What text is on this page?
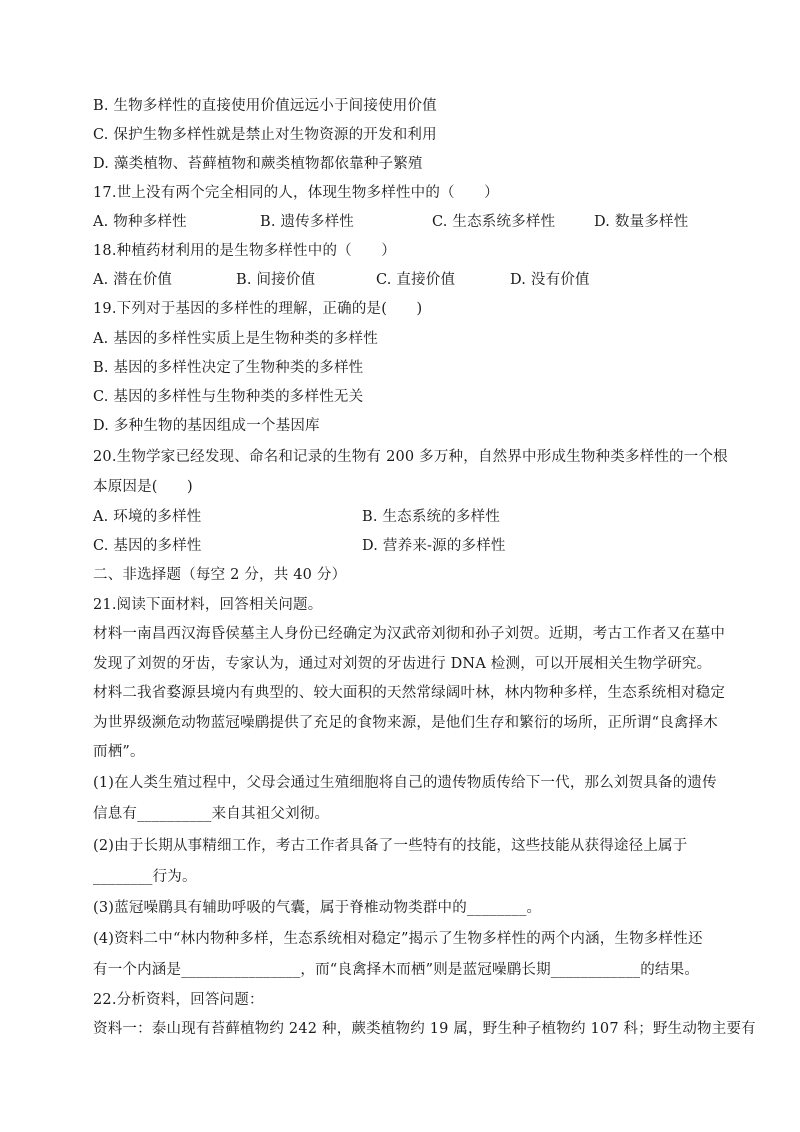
B. 生物多样性的直接使用价值远远小于间接使用价值
C. 保护生物多样性就是禁止对生物资源的开发和利用
D. 藻类植物、苔藓植物和蕨类植物都依靠种子繁殖
17.世上没有两个完全相同的人，体现生物多样性中的（　　）
A. 物种多样性	B. 遗传多样性	C. 生态系统多样性	D. 数量多样性
18.种植药材利用的是生物多样性中的（　　）
A. 潜在价值	B. 间接价值	C. 直接价值	D. 没有价值
19.下列对于基因的多样性的理解，正确的是(　　)
A. 基因的多样性实质上是生物种类的多样性
B. 基因的多样性决定了生物种类的多样性
C. 基因的多样性与生物种类的多样性无关
D. 多种生物的基因组成一个基因库
20.生物学家已经发现、命名和记录的生物有 200 多万种，自然界中形成生物种类多样性的一个根
本原因是(　　)
A. 环境的多样性	B. 生态系统的多样性
C. 基因的多样性	D. 营养来-源的多样性
二、非选择题（每空 2 分，共 40 分）
21.阅读下面材料，回答相关问题。
材料一南昌西汉海昏侯墓主人身份已经确定为汉武帝刘彻和孙子刘贺。近期，考古工作者又在墓中
发现了刘贺的牙齿，专家认为，通过对刘贺的牙齿进行 DNA 检测，可以开展相关生物学研究。
材料二我省婺源县境内有典型的、较大面积的天然常绿阔叶林，林内物种多样，生态系统相对稳定
为世界级濒危动物蓝冠噪鹛提供了充足的食物来源，是他们生存和繁衍的场所，正所谓“良禽择木
而栖”。
(1)在人类生殖过程中，父母会通过生殖细胞将自己的遗传物质传给下一代，那么刘贺具备的遗传
信息有__________来自其祖父刘彻。
(2)由于长期从事精细工作，考古工作者具备了一些特有的技能，这些技能从获得途径上属于
________行为。
(3)蓝冠噪鹛具有辅助呼吸的气囊，属于脊椎动物类群中的________。
(4)资料二中“林内物种多样，生态系统相对稳定”揭示了生物多样性的两个内涵，生物多样性还
有一个内涵是________________，而“良禽择木而栖”则是蓝冠噪鹛长期____________的结果。
22.分析资料，回答问题：
资料一：泰山现有苔藓植物约 242 种，蕨类植物约 19 属，野生种子植物约 107 科；野生动物主要有
